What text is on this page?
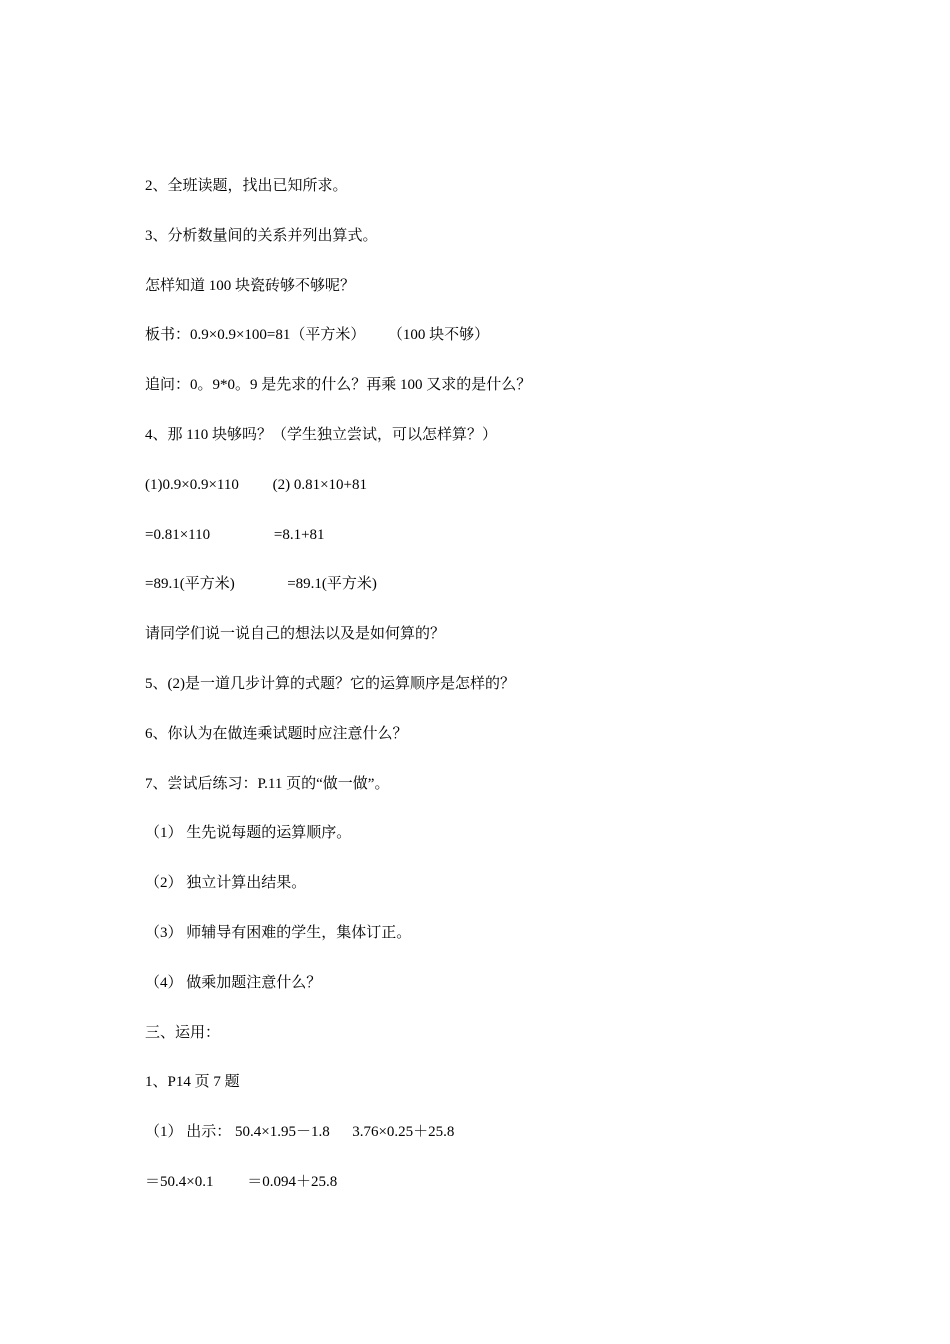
2、全班读题，找出已知所求。
3、分析数量间的关系并列出算式。
怎样知道 100 块瓷砖够不够呢？
板书：0.9×0.9×100=81（平方米）      （100 块不够）
追问：0。9*0。9 是先求的什么？再乘 100 又求的是什么？
4、那 110 块够吗？（学生独立尝试，可以怎样算？）
(1)0.9×0.9×110         (2) 0.81×10+81
=0.81×110                 =8.1+81
=89.1(平方米)              =89.1(平方米)
请同学们说一说自己的想法以及是如何算的？
5、(2)是一道几步计算的式题？它的运算顺序是怎样的？
6、你认为在做连乘试题时应注意什么？
7、尝试后练习：P.11 页的“做一做”。
（1） 生先说每题的运算顺序。
（2） 独立计算出结果。
（3） 师辅导有困难的学生，集体订正。
（4） 做乘加题注意什么？
三、运用：
1、P14 页 7 题
（1） 出示： 50.4×1.95－1.8      3.76×0.25＋25.8
＝50.4×0.1         ＝0.094＋25.8
